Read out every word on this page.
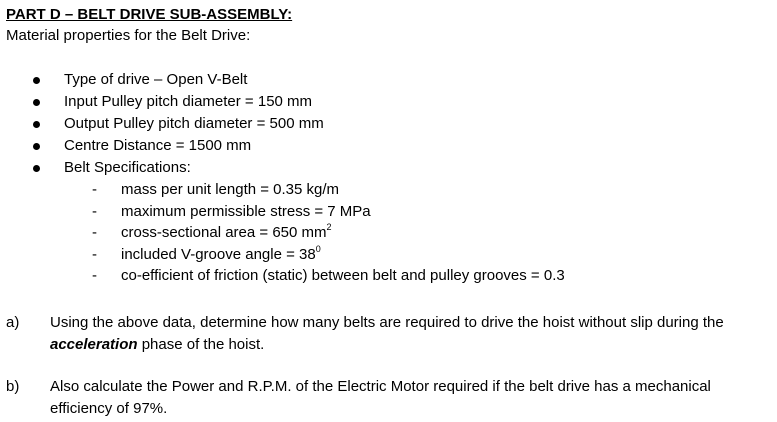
PART D – BELT DRIVE SUB-ASSEMBLY:
Material properties for the Belt Drive:
Type of drive – Open V-Belt
Input Pulley pitch diameter = 150 mm
Output Pulley pitch diameter = 500 mm
Centre Distance = 1500 mm
Belt Specifications:
- mass per unit length = 0.35 kg/m
- maximum permissible stress = 7 MPa
- cross-sectional area = 650 $mm^2$
- included V-groove angle = $38^0$
- co-efficient of friction (static) between belt and pulley grooves = 0.3
a) Using the above data, determine how many belts are required to drive the hoist without slip during the acceleration phase of the hoist.
b) Also calculate the Power and R.P.M. of the Electric Motor required if the belt drive has a mechanical efficiency of 97%.
